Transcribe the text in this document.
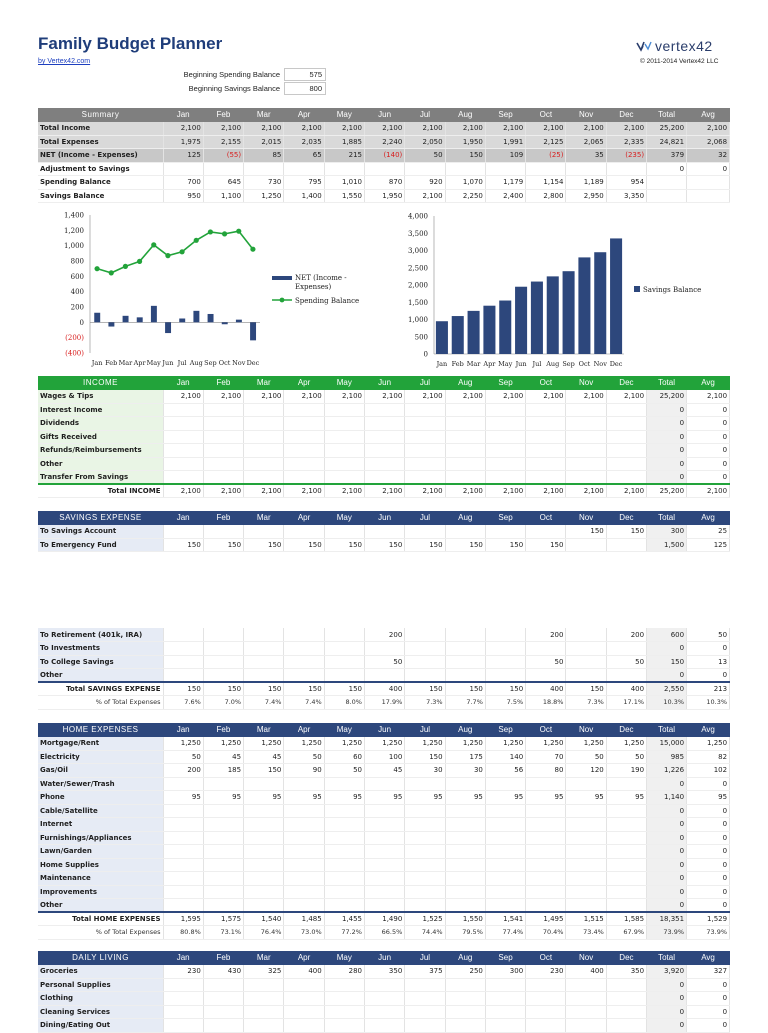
Family Budget Planner
by Vertex42.com
vertex42
© 2011-2014 Vertex42 LLC
Beginning Spending Balance	575
Beginning Savings Balance	800
Summary	Jan	Feb	Mar	Apr	May	Jun	Jul	Aug	Sep	Oct	Nov	Dec	Total	Avg
Total Income	2,100	2,100	2,100	2,100	2,100	2,100	2,100	2,100	2,100	2,100	2,100	2,100	25,200	2,100
Total Expenses	1,975	2,155	2,015	2,035	1,885	2,240	2,050	1,950	1,991	2,125	2,065	2,335	24,821	2,068
NET (Income - Expenses)	125	(55)	85	65	215	(140)	50	150	109	(25)	35	(235)	379	32
Adjustment to Savings													0	0
Spending Balance	700	645	730	795	1,010	870	920	1,070	1,179	1,154	1,189	954		
Savings Balance	950	1,100	1,250	1,400	1,550	1,950	2,100	2,250	2,400	2,800	2,950	3,350		
1,400
1,200
1,000
800
600
400
200
0
(200)
(400)
Jan Feb Mar Apr May Jun Jul Aug Sep Oct Nov Dec
NET (Income -
Expenses)
Spending Balance
4,000
3,500
3,000
2,500
2,000
1,500
1,000
500
0
Jan Feb Mar Apr May Jun Jul Aug Sep Oct Nov Dec
Savings Balance
INCOME	Jan	Feb	Mar	Apr	May	Jun	Jul	Aug	Sep	Oct	Nov	Dec	Total	Avg
Wages & Tips	2,100	2,100	2,100	2,100	2,100	2,100	2,100	2,100	2,100	2,100	2,100	2,100	25,200	2,100
Interest Income													0	0
Dividends													0	0
Gifts Received													0	0
Refunds/Reimbursements													0	0
Other													0	0
Transfer From Savings													0	0
Total INCOME	2,100	2,100	2,100	2,100	2,100	2,100	2,100	2,100	2,100	2,100	2,100	2,100	25,200	2,100
SAVINGS EXPENSE	Jan	Feb	Mar	Apr	May	Jun	Jul	Aug	Sep	Oct	Nov	Dec	Total	Avg
To Savings Account											150	150	300	25
To Emergency Fund	150	150	150	150	150	150	150	150	150	150			1,500	125
To Retirement (401k, IRA)						200				200		200	600	50
To Investments													0	0
To College Savings						50				50		50	150	13
Other													0	0
Total SAVINGS EXPENSE	150	150	150	150	150	400	150	150	150	400	150	400	2,550	213
% of Total Expenses	7.6%	7.0%	7.4%	7.4%	8.0%	17.9%	7.3%	7.7%	7.5%	18.8%	7.3%	17.1%	10.3%	10.3%
HOME EXPENSES	Jan	Feb	Mar	Apr	May	Jun	Jul	Aug	Sep	Oct	Nov	Dec	Total	Avg
Mortgage/Rent	1,250	1,250	1,250	1,250	1,250	1,250	1,250	1,250	1,250	1,250	1,250	1,250	15,000	1,250
Electricity	50	45	45	50	60	100	150	175	140	70	50	50	985	82
Gas/Oil	200	185	150	90	50	45	30	30	56	80	120	190	1,226	102
Water/Sewer/Trash													0	0
Phone	95	95	95	95	95	95	95	95	95	95	95	95	1,140	95
Cable/Satellite													0	0
Internet													0	0
Furnishings/Appliances													0	0
Lawn/Garden													0	0
Home Supplies													0	0
Maintenance													0	0
Improvements													0	0
Other													0	0
Total HOME EXPENSES	1,595	1,575	1,540	1,485	1,455	1,490	1,525	1,550	1,541	1,495	1,515	1,585	18,351	1,529
% of Total Expenses	80.8%	73.1%	76.4%	73.0%	77.2%	66.5%	74.4%	79.5%	77.4%	70.4%	73.4%	67.9%	73.9%	73.9%
DAILY LIVING	Jan	Feb	Mar	Apr	May	Jun	Jul	Aug	Sep	Oct	Nov	Dec	Total	Avg
Groceries	230	430	325	400	280	350	375	250	300	230	400	350	3,920	327
Personal Supplies													0	0
Clothing													0	0
Cleaning Services													0	0
Dining/Eating Out													0	0
